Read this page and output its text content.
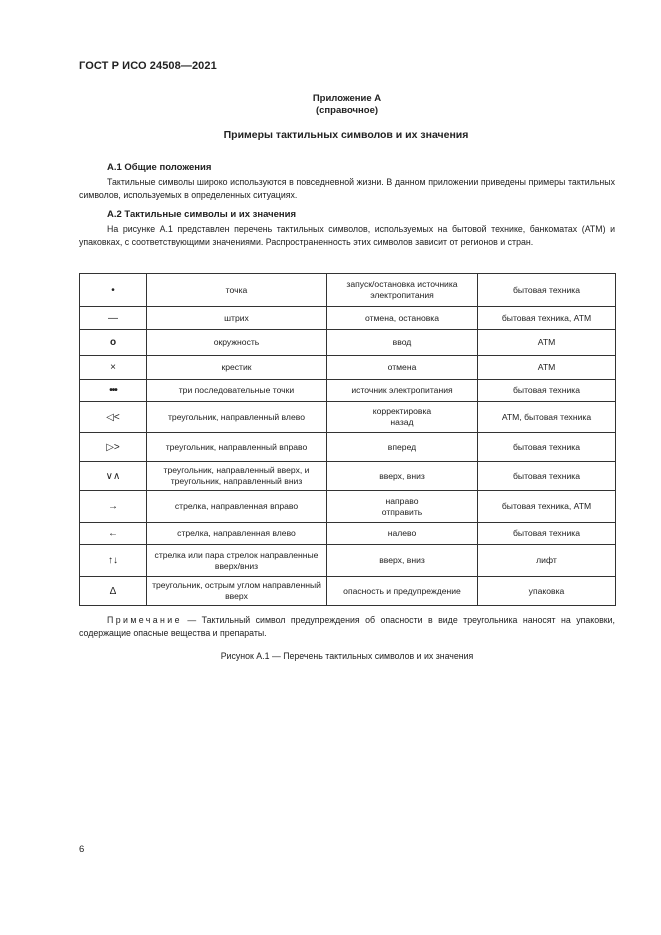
ГОСТ Р ИСО 24508—2021
Приложение А
(справочное)
Примеры тактильных символов и их значения
А.1 Общие положения

Тактильные символы широко используются в повседневной жизни. В данном приложении приведены примеры тактильных символов, используемых в определенных ситуациях.

А.2 Тактильные символы и их значения

На рисунке А.1 представлен перечень тактильных символов, используемых на бытовой технике, банкоматах (АТМ) и упаковках, с соответствующими значениями. Распространенность этих символов зависит от регионов и стран.

•	точка	запуск/остановка источника электропитания	бытовая техника
—	штрих	отмена, остановка	бытовая техника, АТМ
ο	окружность	ввод	АТМ
×	крестик	отмена	АТМ
•••	три последовательные точки	источник электропитания	бытовая техника
◁<	треугольник, направленный влево	корректировка назад	АТМ, бытовая техника
▷>	треугольник, направленный вправо	вперед	бытовая техника
∨∧	треугольник, направленный вверх, и треугольник, направленный вниз	вверх, вниз	бытовая техника
→	стрелка, направленная вправо	направо отправить	бытовая техника, АТМ
←	стрелка, направленная влево	налево	бытовая техника
↑↓	стрелка или пара стрелок направленные вверх/вниз	вверх, вниз	лифт
Δ	треугольник, острым углом направленный вверх	опасность и предупреждение	упаковка

Примечание — Тактильный символ предупреждения об опасности в виде треугольника наносят на упаковки, содержащие опасные вещества и препараты.

Рисунок А.1 — Перечень тактильных символов и их значения
6
